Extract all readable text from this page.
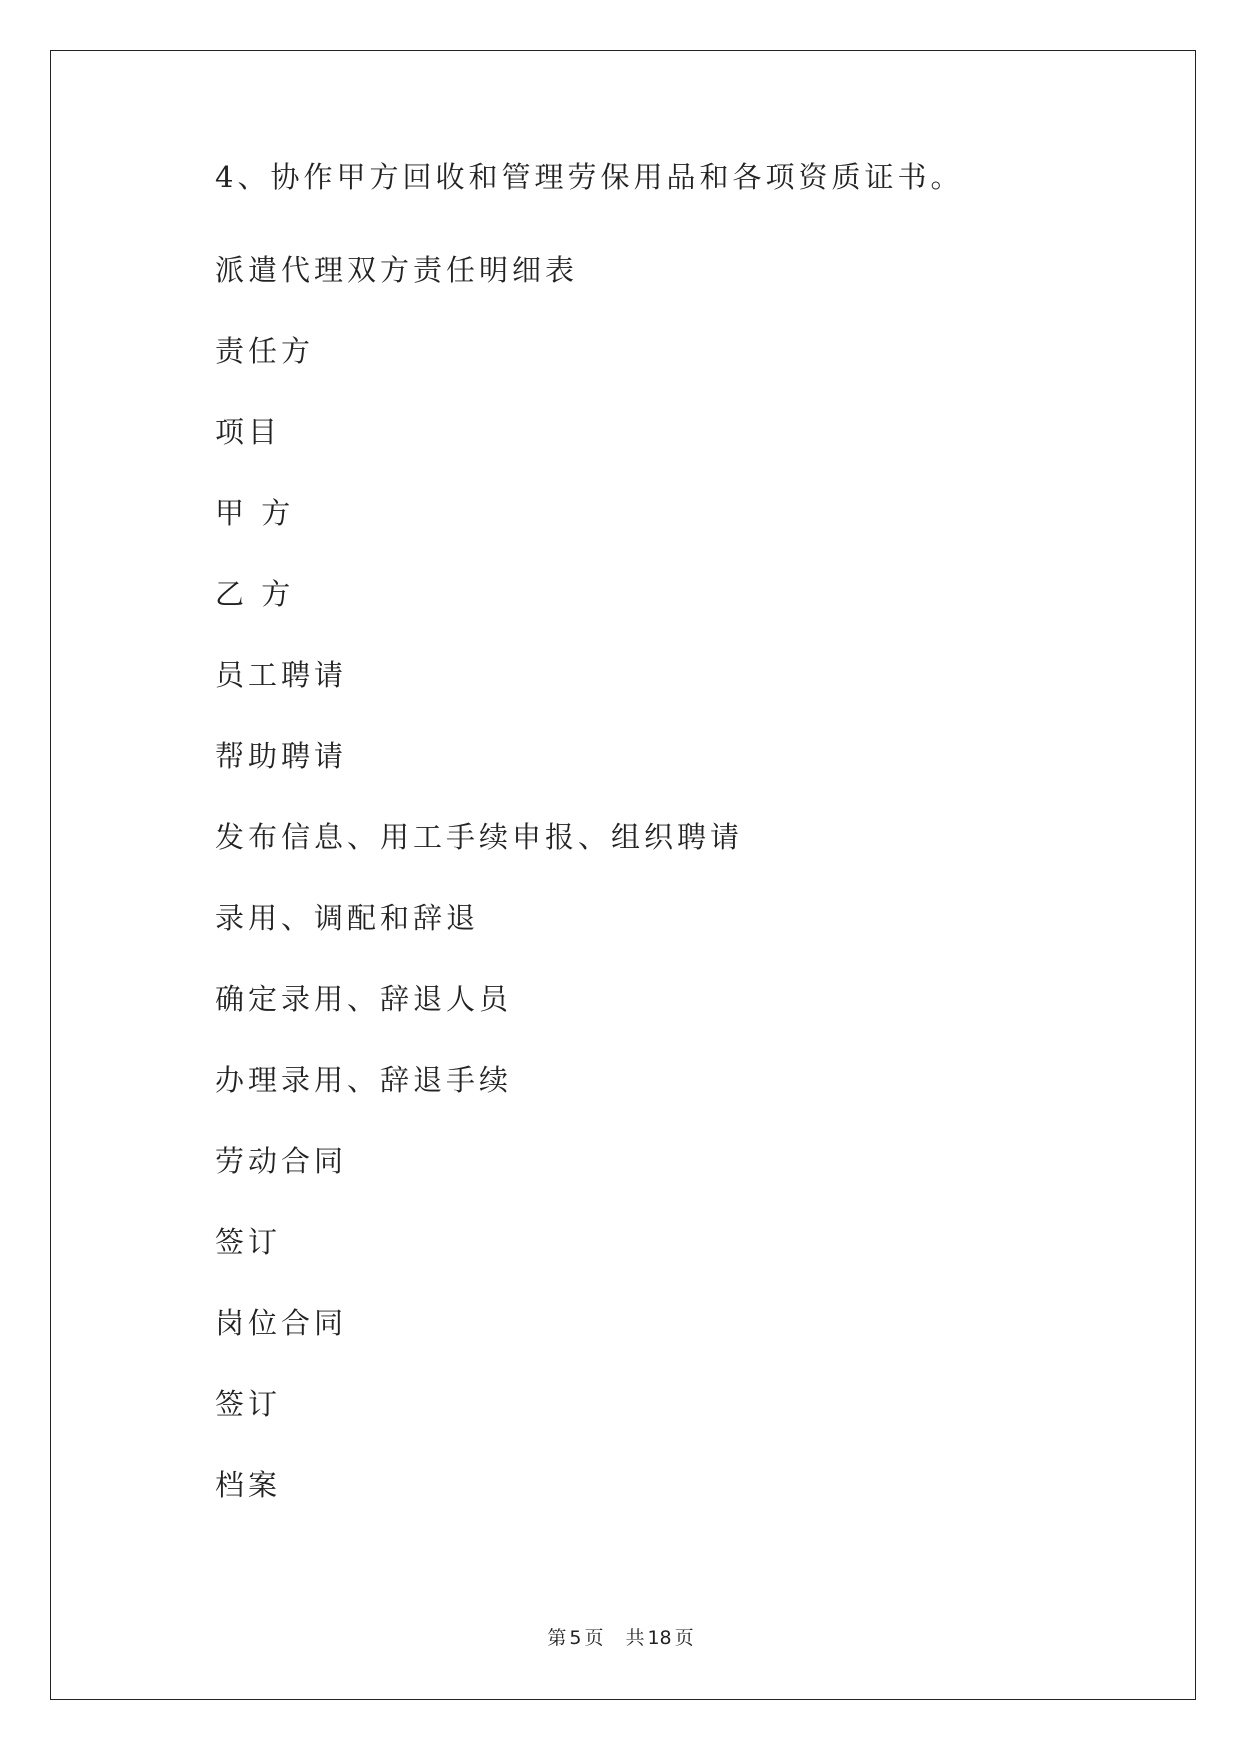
4、协作甲方回收和管理劳保用品和各项资质证书。
派遣代理双方责任明细表
责任方
项目
甲 方
乙 方
员工聘请
帮助聘请
发布信息、用工手续申报、组织聘请
录用、调配和辞退
确定录用、辞退人员
办理录用、辞退手续
劳动合同
签订
岗位合同
签订
档案
第 5 页 共 18 页
